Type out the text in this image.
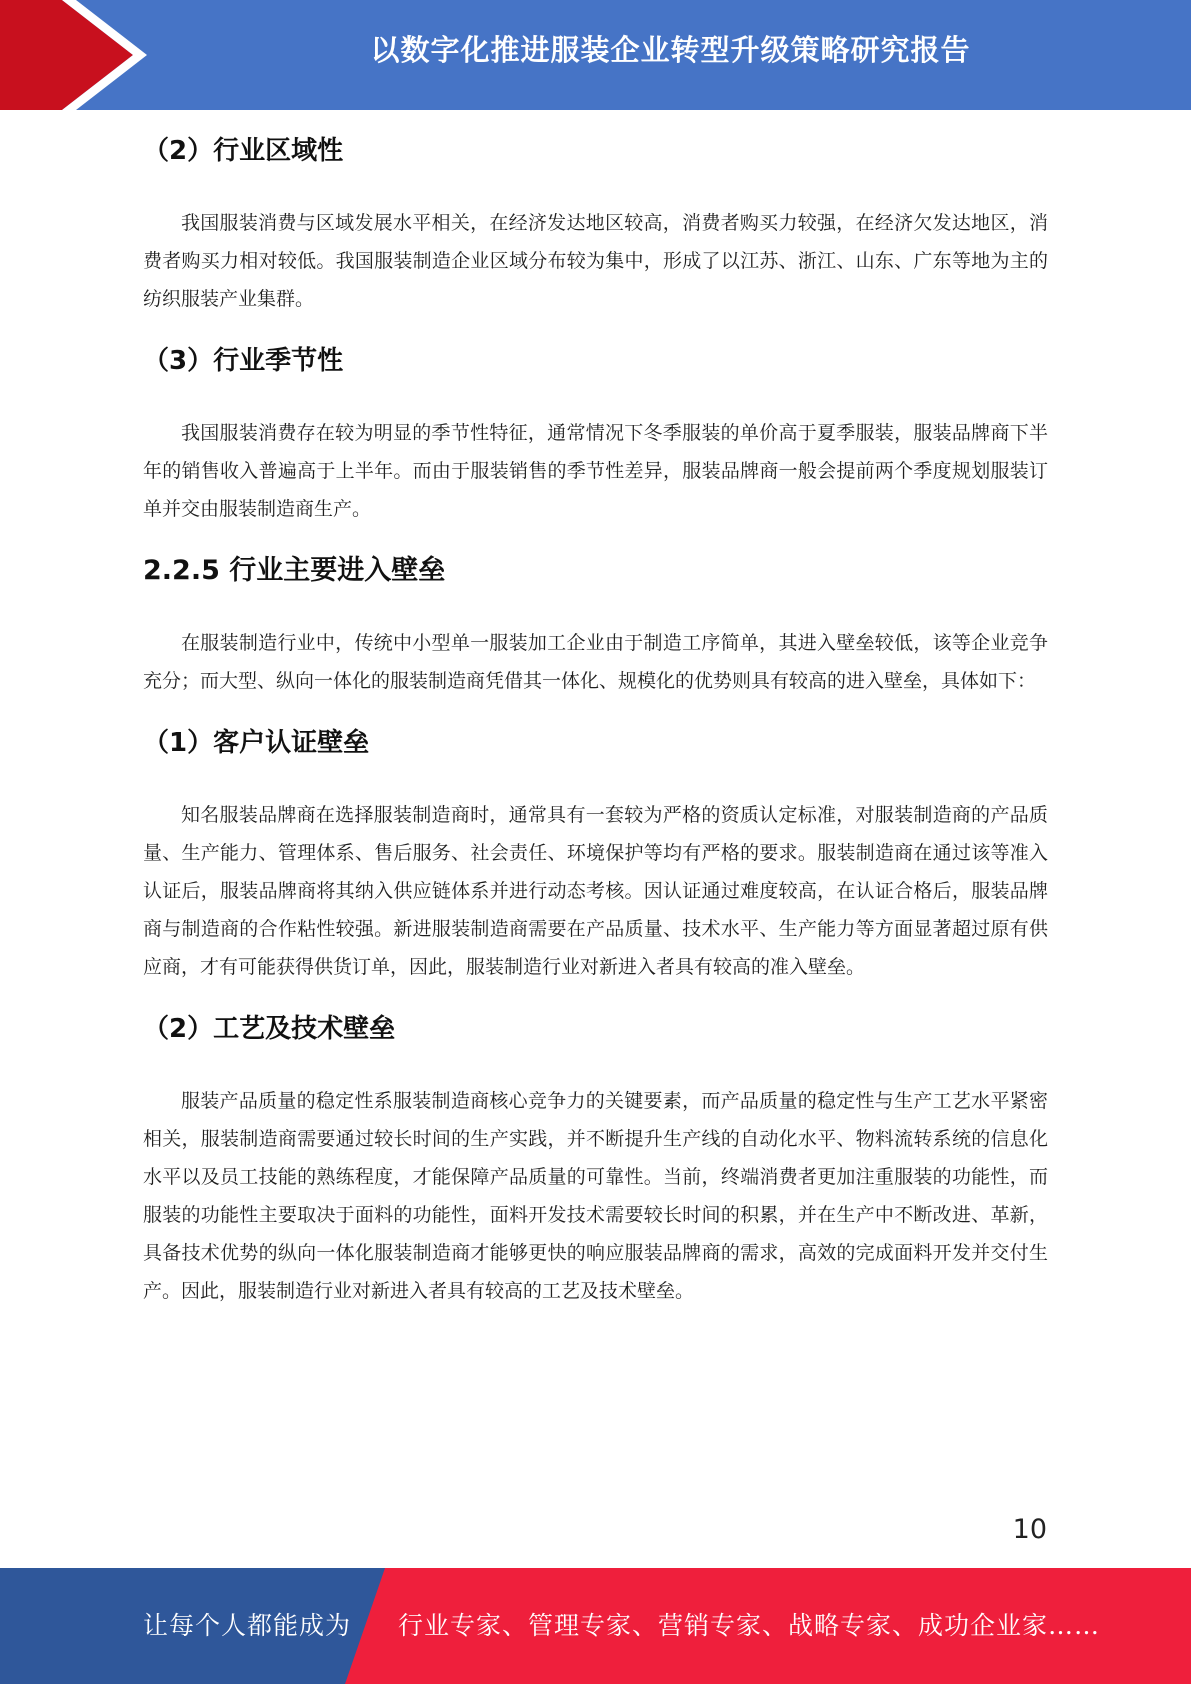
以数字化推进服装企业转型升级策略研究报告
（2）行业区域性

我国服装消费与区域发展水平相关，在经济发达地区较高，消费者购买力较强，在经济欠发达地区，消费者购买力相对较低。我国服装制造企业区域分布较为集中，形成了以江苏、浙江、山东、广东等地为主的纺织服装产业集群。

（3）行业季节性

我国服装消费存在较为明显的季节性特征，通常情况下冬季服装的单价高于夏季服装，服装品牌商下半年的销售收入普遍高于上半年。而由于服装销售的季节性差异，服装品牌商一般会提前两个季度规划服装订单并交由服装制造商生产。

2.2.5 行业主要进入壁垒

在服装制造行业中，传统中小型单一服装加工企业由于制造工序简单，其进入壁垒较低，该等企业竞争充分；而大型、纵向一体化的服装制造商凭借其一体化、规模化的优势则具有较高的进入壁垒，具体如下：

（1）客户认证壁垒

知名服装品牌商在选择服装制造商时，通常具有一套较为严格的资质认定标准，对服装制造商的产品质量、生产能力、管理体系、售后服务、社会责任、环境保护等均有严格的要求。服装制造商在通过该等准入认证后，服装品牌商将其纳入供应链体系并进行动态考核。因认证通过难度较高，在认证合格后，服装品牌商与制造商的合作粘性较强。新进服装制造商需要在产品质量、技术水平、生产能力等方面显著超过原有供应商，才有可能获得供货订单，因此，服装制造行业对新进入者具有较高的准入壁垒。

（2）工艺及技术壁垒

服装产品质量的稳定性系服装制造商核心竞争力的关键要素，而产品质量的稳定性与生产工艺水平紧密相关，服装制造商需要通过较长时间的生产实践，并不断提升生产线的自动化水平、物料流转系统的信息化水平以及员工技能的熟练程度，才能保障产品质量的可靠性。当前，终端消费者更加注重服装的功能性，而服装的功能性主要取决于面料的功能性，面料开发技术需要较长时间的积累，并在生产中不断改进、革新，具备技术优势的纵向一体化服装制造商才能够更快的响应服装品牌商的需求，高效的完成面料开发并交付生产。因此，服装制造行业对新进入者具有较高的工艺及技术壁垒。

10
让每个人都能成为 行业专家、管理专家、营销专家、战略专家、成功企业家……
